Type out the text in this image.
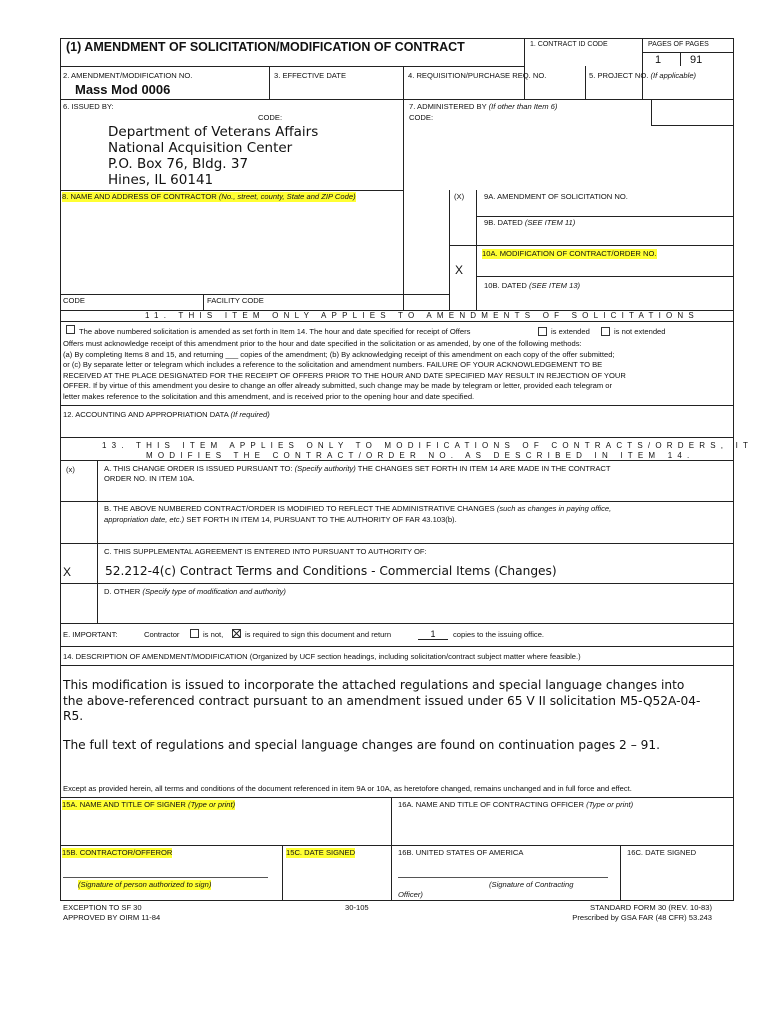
(1) AMENDMENT OF SOLICITATION/MODIFICATION OF CONTRACT	1. CONTRACT ID CODE	PAGES OF PAGES
1	91
2. AMENDMENT/MODIFICATION NO.
Mass Mod 0006
3. EFFECTIVE DATE	4. REQUISITION/PURCHASE REQ. NO.	5. PROJECT NO. (If applicable)
6. ISSUED BY:
CODE:
Department of Veterans Affairs
National Acquisition Center
P.O. Box 76, Bldg. 37
Hines, IL 60141
7. ADMINISTERED BY (If other than Item 6)
CODE:
8. NAME AND ADDRESS OF CONTRACTOR (No., street, county, State and ZIP Code)	(X)	9A. AMENDMENT OF SOLICITATION NO.
9B. DATED (SEE ITEM 11)
10A. MODIFICATION OF CONTRACT/ORDER NO.
X
10B. DATED (SEE ITEM 13)
CODE	FACILITY CODE
11. THIS ITEM ONLY APPLIES TO AMENDMENTS OF SOLICITATIONS
The above numbered solicitation is amended as set forth in Item 14. The hour and date specified for receipt of Offers	is extended	is not extended
Offers must acknowledge receipt of this amendment prior to the hour and date specified in the solicitation or as amended, by one of the following methods:
(a) By completing Items 8 and 15, and returning ___ copies of the amendment; (b) By acknowledging receipt of this amendment on each copy of the offer submitted;
or (c) By separate letter or telegram which includes a reference to the solicitation and amendment numbers. FAILURE OF YOUR ACKNOWLEDGEMENT TO BE
RECEIVED AT THE PLACE DESIGNATED FOR THE RECEIPT OF OFFERS PRIOR TO THE HOUR AND DATE SPECIFIED MAY RESULT IN REJECTION OF YOUR
OFFER. If by virtue of this amendment you desire to change an offer already submitted, such change may be made by telegram or letter, provided each telegram or
letter makes reference to the solicitation and this amendment, and is received prior to the opening hour and date specified.
12. ACCOUNTING AND APPROPRIATION DATA (If required)
13. THIS ITEM APPLIES ONLY TO MODIFICATIONS OF CONTRACTS/ORDERS, IT
MODIFIES THE CONTRACT/ORDER NO. AS DESCRIBED IN ITEM 14.
(x)	A. THIS CHANGE ORDER IS ISSUED PURSUANT TO: (Specify authority) THE CHANGES SET FORTH IN ITEM 14 ARE MADE IN THE CONTRACT
ORDER NO. IN ITEM 10A.
B. THE ABOVE NUMBERED CONTRACT/ORDER IS MODIFIED TO REFLECT THE ADMINISTRATIVE CHANGES (such as changes in paying office,
appropriation date, etc.) SET FORTH IN ITEM 14, PURSUANT TO THE AUTHORITY OF FAR 43.103(b).
C. THIS SUPPLEMENTAL AGREEMENT IS ENTERED INTO PURSUANT TO AUTHORITY OF:
X	52.212-4(c) Contract Terms and Conditions - Commercial Items (Changes)
D. OTHER (Specify type of modification and authority)
E. IMPORTANT:	Contractor	is not,	is required to sign this document and return	1	copies to the issuing office.
14. DESCRIPTION OF AMENDMENT/MODIFICATION (Organized by UCF section headings, including solicitation/contract subject matter where feasible.)
This modification is issued to incorporate the attached regulations and special language changes into
the above-referenced contract pursuant to an amendment issued under 65 V II solicitation M5-Q52A-04-
R5.
The full text of regulations and special language changes are found on continuation pages 2 – 91.
Except as provided herein, all terms and conditions of the document referenced in item 9A or 10A, as heretofore changed, remains unchanged and in full force and effect.
15A. NAME AND TITLE OF SIGNER (Type or print)	16A. NAME AND TITLE OF CONTRACTING OFFICER (Type or print)
15B. CONTRACTOR/OFFEROR	15C. DATE SIGNED	16B. UNITED STATES OF AMERICA	16C. DATE SIGNED
(Signature of person authorized to sign)	(Signature of Contracting
Officer)
EXCEPTION TO SF 30
APPROVED BY OIRM 11-84
30-105	STANDARD FORM 30 (REV. 10-83)
Prescribed by GSA FAR (48 CFR) 53.243
